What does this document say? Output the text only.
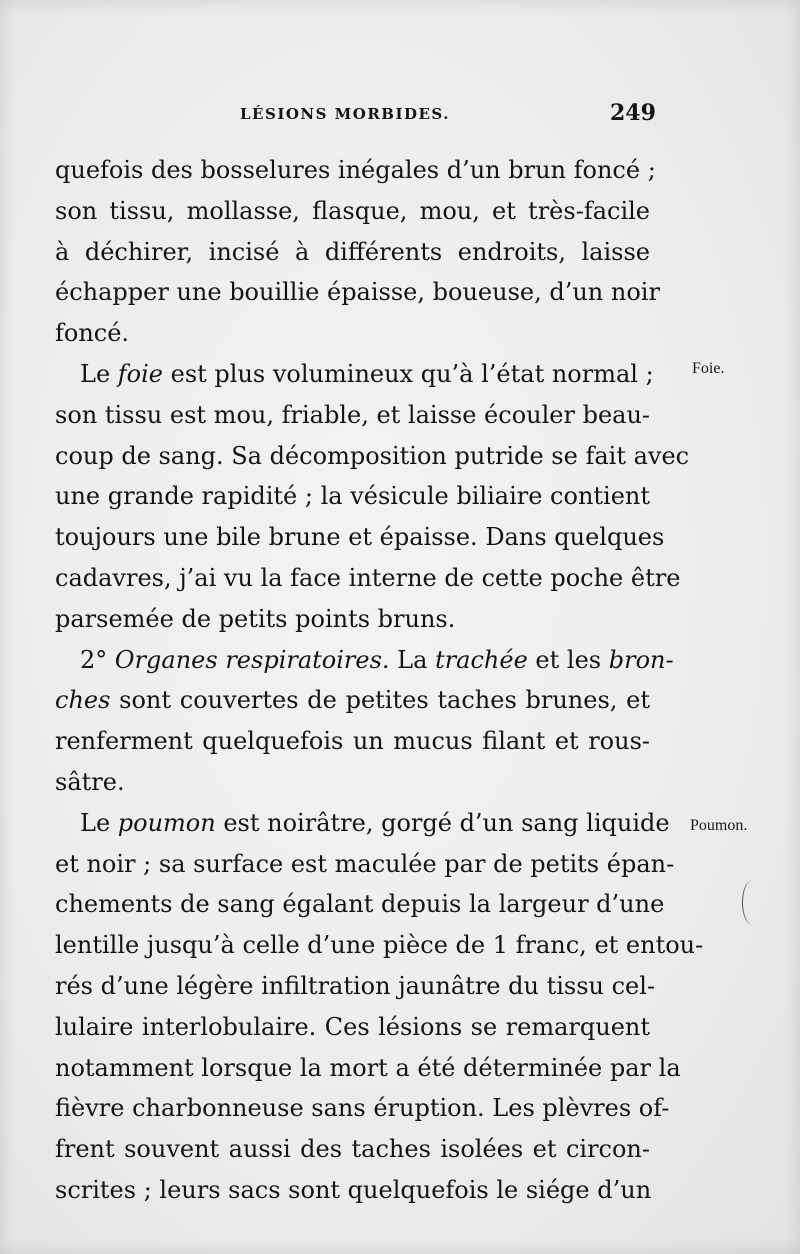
LÉSIONS MORBIDES.	249
Foie.
Poumon.
quefois des bosselures inégales d’un brun foncé ;
son tissu, mollasse, flasque, mou, et très-facile
à déchirer, incisé à différents endroits, laisse
échapper une bouillie épaisse, boueuse, d’un noir
foncé.
Le foie est plus volumineux qu’à l’état normal ;
son tissu est mou, friable, et laisse écouler beau-
coup de sang. Sa décomposition putride se fait avec
une grande rapidité ; la vésicule biliaire contient
toujours une bile brune et épaisse. Dans quelques
cadavres, j’ai vu la face interne de cette poche être
parsemée de petits points bruns.
2° Organes respiratoires. La trachée et les bron-
ches sont couvertes de petites taches brunes, et
renferment quelquefois un mucus filant et rous-
sâtre.
Le poumon est noirâtre, gorgé d’un sang liquide
et noir ; sa surface est maculée par de petits épan-
chements de sang égalant depuis la largeur d’une
lentille jusqu’à celle d’une pièce de 1 franc, et entou-
rés d’une légère infiltration jaunâtre du tissu cel-
lulaire interlobulaire. Ces lésions se remarquent
notamment lorsque la mort a été déterminée par la
fièvre charbonneuse sans éruption. Les plèvres of-
frent souvent aussi des taches isolées et circon-
scrites ; leurs sacs sont quelquefois le siége d’un
